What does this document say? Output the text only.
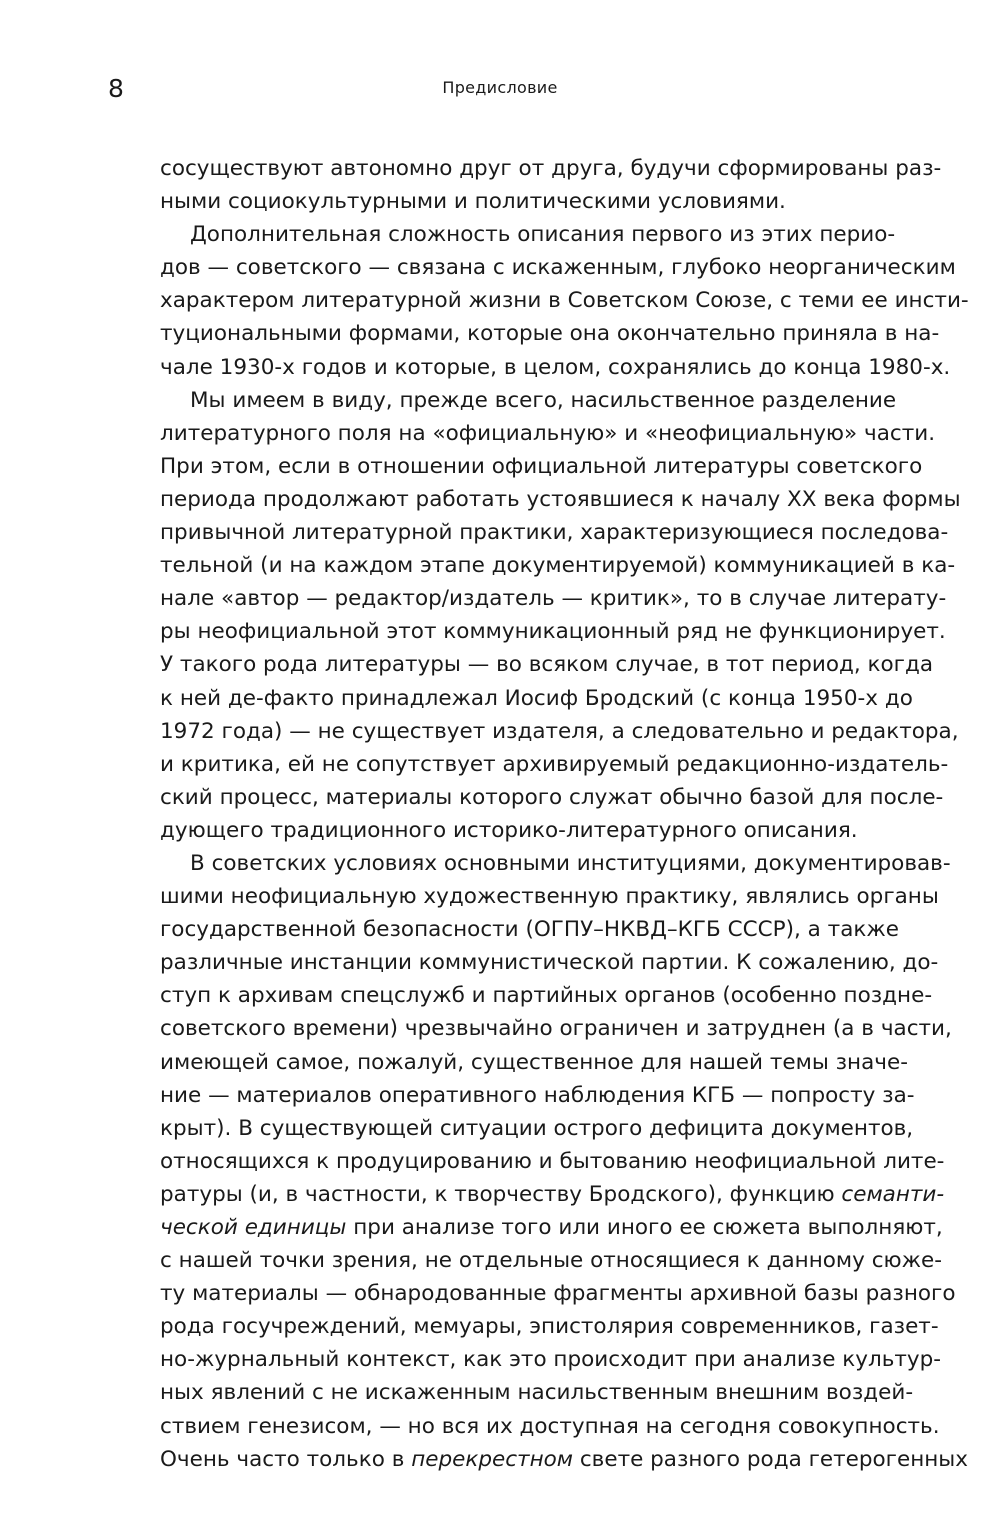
8	Предисловие
сосуществуют автономно друг от друга, будучи сформированы раз-
ными социокультурными и политическими условиями.
Дополнительная сложность описания первого из этих перио-
дов — советского — связана с искаженным, глубоко неорганическим
характером литературной жизни в Советском Союзе, с теми ее инсти-
туциональными формами, которые она окончательно приняла в на-
чале 1930-х годов и которые, в целом, сохранялись до конца 1980-х.
Мы имеем в виду, прежде всего, насильственное разделение
литературного поля на «официальную» и «неофициальную» части.
При этом, если в отношении официальной литературы советского
периода продолжают работать устоявшиеся к началу XX века формы
привычной литературной практики, характеризующиеся последова-
тельной (и на каждом этапе документируемой) коммуникацией в ка-
нале «автор — редактор/издатель — критик», то в случае литерату-
ры неофициальной этот коммуникационный ряд не функционирует.
У такого рода литературы — во всяком случае, в тот период, когда
к ней де-факто принадлежал Иосиф Бродский (с конца 1950-х до
1972 года) — не существует издателя, а следовательно и редактора,
и критика, ей не сопутствует архивируемый редакционно-издатель-
ский процесс, материалы которого служат обычно базой для после-
дующего традиционного историко-литературного описания.
В советских условиях основными институциями, документировав-
шими неофициальную художественную практику, являлись органы
государственной безопасности (ОГПУ–НКВД–КГБ СССР), а также
различные инстанции коммунистической партии. К сожалению, до-
ступ к архивам спецслужб и партийных органов (особенно поздне-
советского времени) чрезвычайно ограничен и затруднен (а в части,
имеющей самое, пожалуй, существенное для нашей темы значе-
ние — материалов оперативного наблюдения КГБ — попросту за-
крыт). В существующей ситуации острого дефицита документов,
относящихся к продуцированию и бытованию неофициальной лите-
ратуры (и, в частности, к творчеству Бродского), функцию семанти-
ческой единицы при анализе того или иного ее сюжета выполняют,
с нашей точки зрения, не отдельные относящиеся к данному сюже-
ту материалы — обнародованные фрагменты архивной базы разного
рода госучреждений, мемуары, эпистолярия современников, газет-
но-журнальный контекст, как это происходит при анализе культур-
ных явлений с не искаженным насильственным внешним воздей-
ствием генезисом, — но вся их доступная на сегодня совокупность.
Очень часто только в перекрестном свете разного рода гетерогенных
